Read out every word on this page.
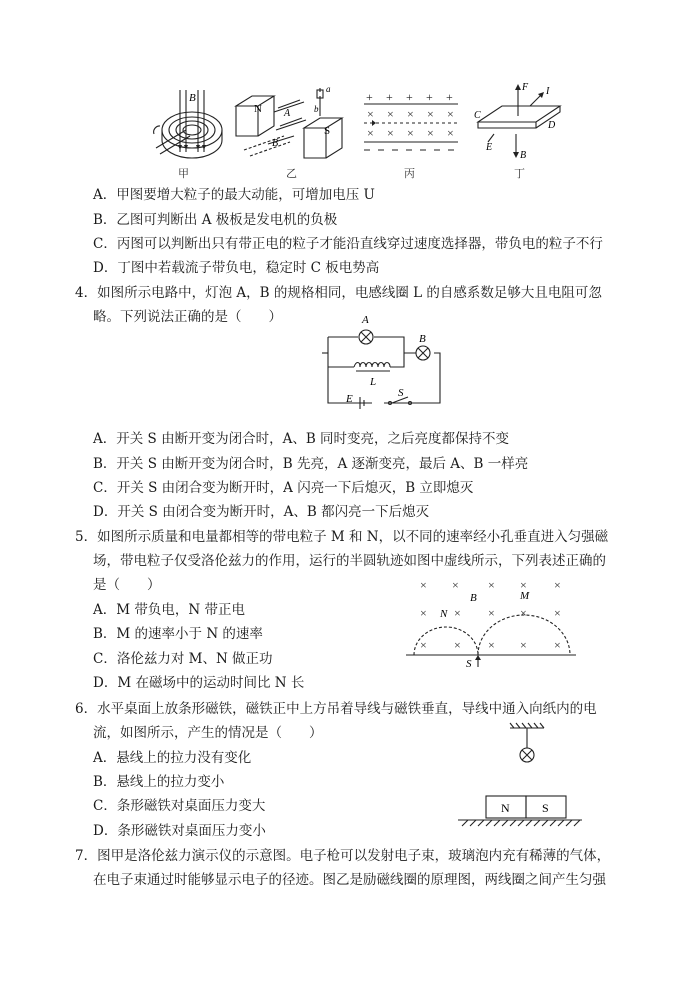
B
甲
N
S
A
B
a
b
乙
+ + + + +
× × × × ×
× × × × ×
丙
F I
C
D
E
B
丁
A．甲图要增大粒子的最大动能，可增加电压 U
B．乙图可判断出 A 极板是发电机的负极
C．丙图可以判断出只有带正电的粒子才能沿直线穿过速度选择器，带负电的粒子不行
D．丁图中若载流子带负电，稳定时 C 板电势高
4．如图所示电路中，灯泡 A，B 的规格相同，电感线圈 L 的自感系数足够大且电阻可忽
略。下列说法正确的是（　　）	A
B
L
E	S
A．开关 S 由断开变为闭合时，A、B 同时变亮，之后亮度都保持不变
B．开关 S 由断开变为闭合时，B 先亮，A 逐渐变亮，最后 A、B 一样亮
C．开关 S 由闭合变为断开时，A 闪亮一下后熄灭，B 立即熄灭
D．开关 S 由闭合变为断开时，A、B 都闪亮一下后熄灭
5．如图所示质量和电量都相等的带电粒子 M 和 N，以不同的速率经小孔垂直进入匀强磁
场，带电粒子仅受洛伦兹力的作用，运行的半圆轨迹如图中虚线所示，下列表述正确的
是（　　）
A．M 带负电，N 带正电
B．M 的速率小于 N 的速率
C．洛伦兹力对 M、N 做正功
D．M 在磁场中的运动时间比 N 长
× × × × ×
× × × × ×
× × × × ×
B	M
N
S
6．水平桌面上放条形磁铁，磁铁正中上方吊着导线与磁铁垂直，导线中通入向纸内的电
流，如图所示，产生的情况是（　　）
A．悬线上的拉力没有变化
B．悬线上的拉力变小
C．条形磁铁对桌面压力变大
D．条形磁铁对桌面压力变小
N	S
7．图甲是洛伦兹力演示仪的示意图。电子枪可以发射电子束，玻璃泡内充有稀薄的气体，
在电子束通过时能够显示电子的径迹。图乙是励磁线圈的原理图，两线圈之间产生匀强
